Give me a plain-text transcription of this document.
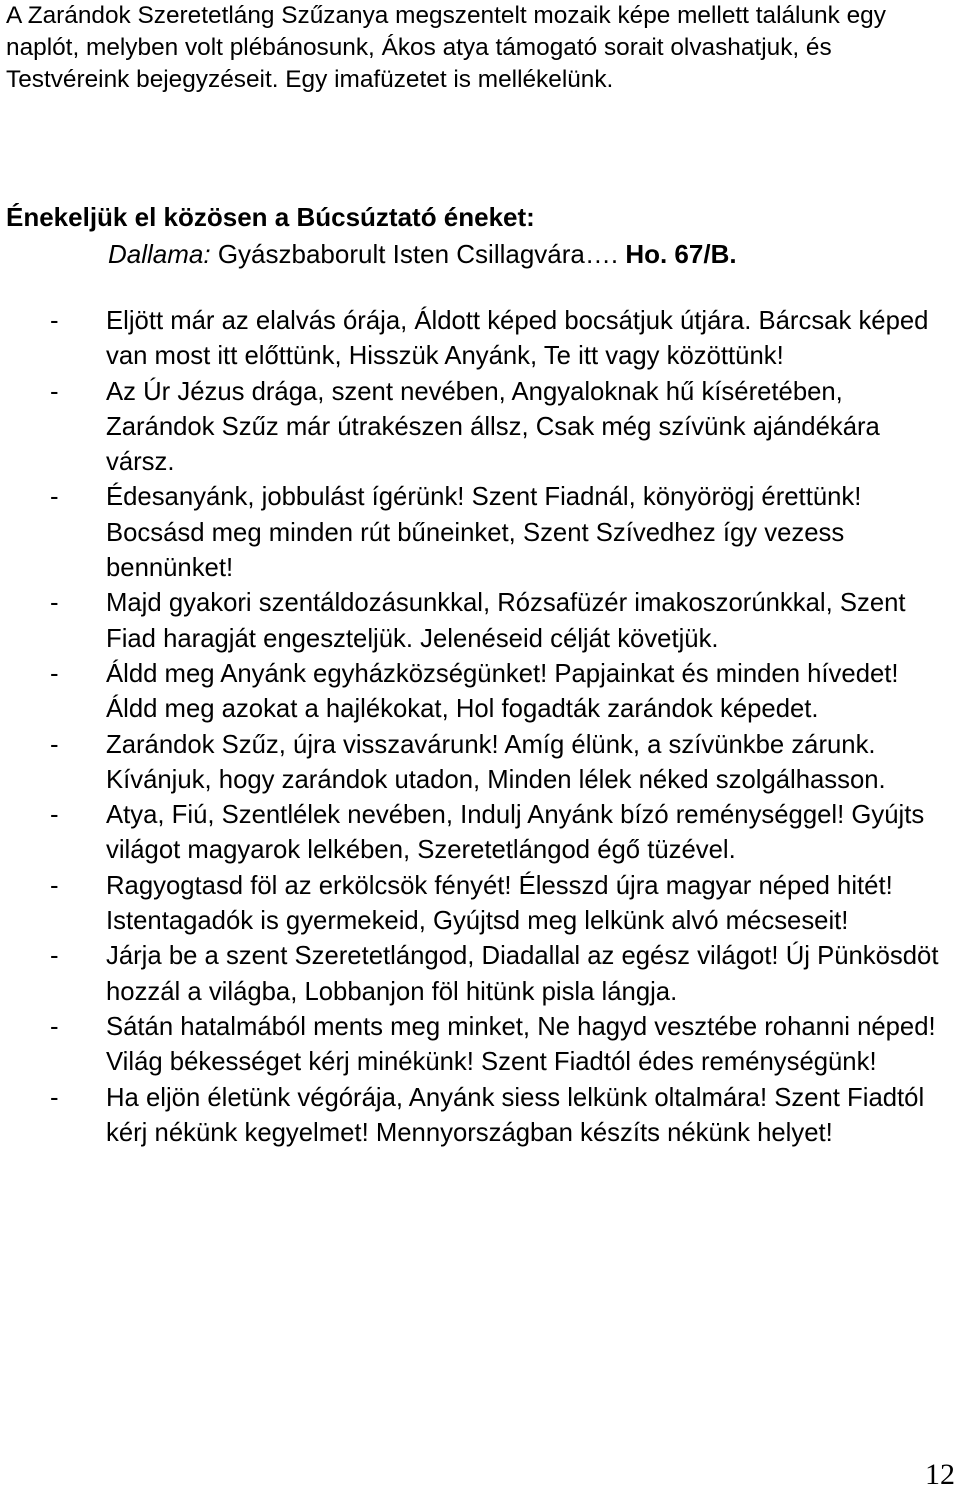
A Zarándok Szeretetláng Szűzanya megszentelt mozaik képe mellett találunk egy naplót, melyben volt plébánosunk, Ákos atya támogató sorait olvashatjuk, és Testvéreink bejegyzéseit. Egy imafüzetet is mellékelünk.

Énekeljük el közösen a Búcsúztató éneket:

Dallama: Gyászbaborult Isten Csillagvára…. Ho. 67/B.

- Eljött már az elalvás órája, Áldott képed bocsátjuk útjára. Bárcsak képed van most itt előttünk, Hisszük Anyánk, Te itt vagy közöttünk!
- Az Úr Jézus drága, szent nevében, Angyaloknak hű kíséretében, Zarándok Szűz már útrakészen állsz, Csak még szívünk ajándékára vársz.
- Édesanyánk, jobbulást ígérünk! Szent Fiadnál, könyörögj érettünk! Bocsásd meg minden rút bűneinket, Szent Szívedhez így vezess bennünket!
- Majd gyakori szentáldozásunkkal, Rózsafüzér imakoszorúnkkal, Szent Fiad haragját engeszteljük. Jelenéseid célját követjük.
- Áldd meg Anyánk egyházközségünket! Papjainkat és minden hívedet! Áldd meg azokat a hajlékokat, Hol fogadták zarándok képedet.
- Zarándok Szűz, újra visszavárunk! Amíg élünk, a szívünkbe zárunk. Kívánjuk, hogy zarándok utadon, Minden lélek néked szolgálhasson.
- Atya, Fiú, Szentlélek nevében, Indulj Anyánk bízó reménységgel! Gyújts világot magyarok lelkében, Szeretetlángod égő tüzével.
- Ragyogtasd föl az erkölcsök fényét! Élesszd újra magyar néped hitét! Istentagadók is gyermekeid, Gyújtsd meg lelkünk alvó mécseseit!
- Járja be a szent Szeretetlángod, Diadallal az egész világot! Új Pünkösdöt hozzál a világba, Lobbanjon föl hitünk pisla lángja.
- Sátán hatalmából ments meg minket, Ne hagyd vesztébe rohanni néped! Világ békességet kérj minékünk! Szent Fiadtól édes reménységünk!
- Ha eljön életünk végórája, Anyánk siess lelkünk oltalmára! Szent Fiadtól kérj nékünk kegyelmet! Mennyországban készíts nékünk helyet!
12
